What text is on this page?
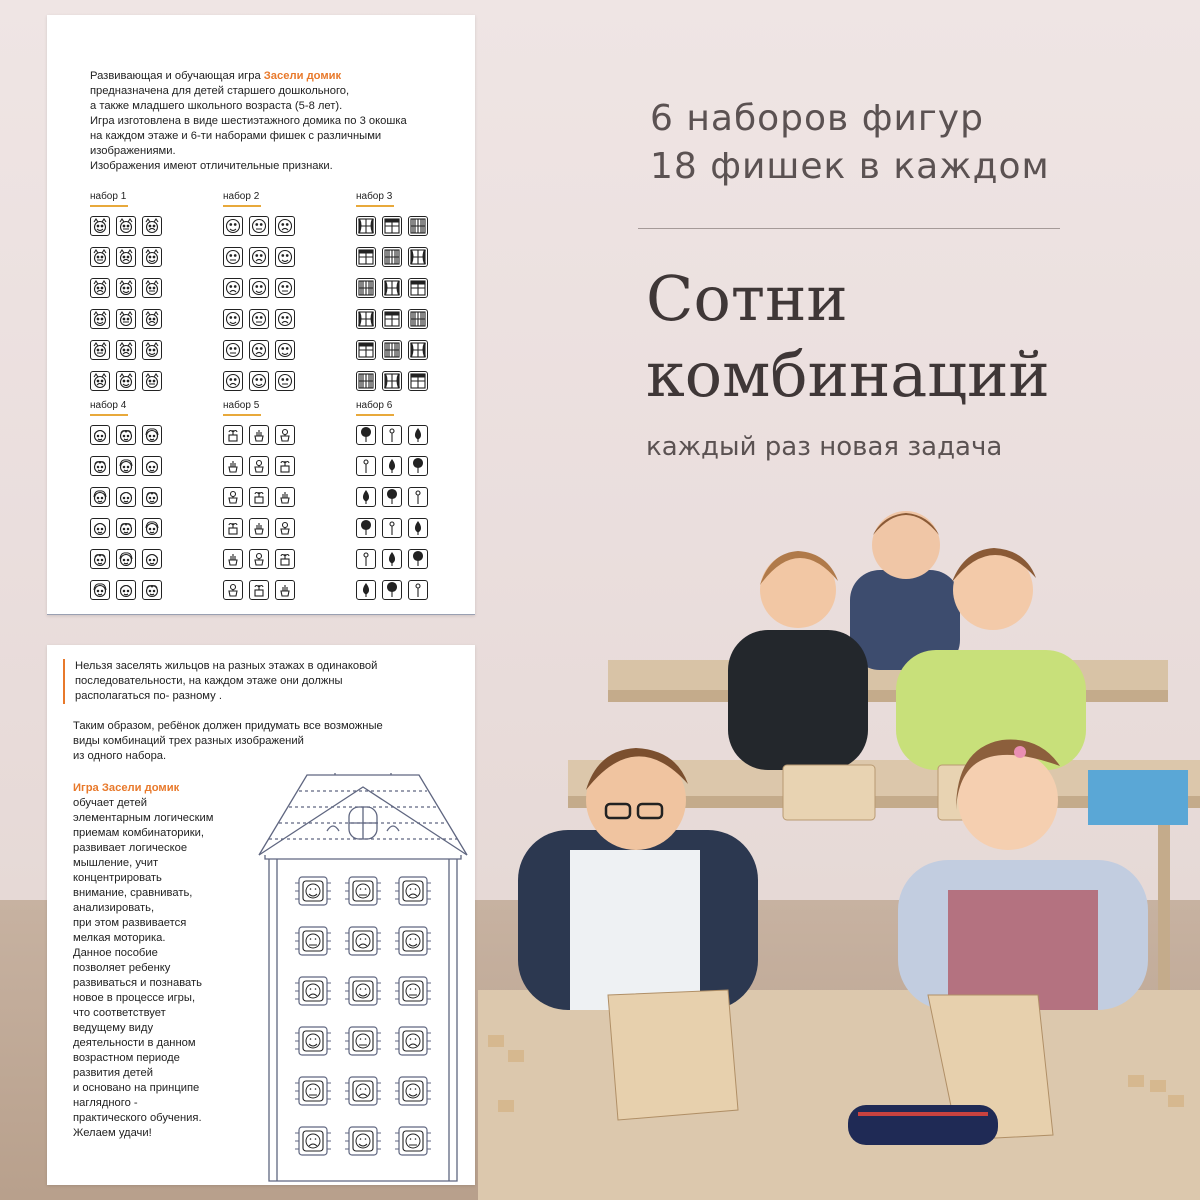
Развивающая и обучающая игра Засели домик

предназначена для детей старшего дошкольного,

а также младшего школьного возраста (5-8 лет).

Игра изготовлена в виде шестиэтажного домика по 3 окошка

на каждом этаже и 6-ти наборами фишек с различными

изображениями.

Изображения имеют отличительные признаки.

набор 1	набор 2	набор 3

набор 4	набор 5	набор 6

Нельзя заселять жильцов на разных этажах в одинаковой

последовательности, на каждом этаже они должны

располагаться по- разному .

Таким образом, ребёнок должен придумать все возможные

виды комбинаций трех разных изображений

из одного набора.

Игра Засели домик

обучает детей

элементарным логическим

приемам комбинаторики,

развивает логическое

мышление, учит

концентрировать

внимание, сравнивать,

анализировать,

при этом развивается

мелкая моторика.

Данное пособие

позволяет ребенку

развиваться и познавать

новое в процессе игры,

что соответствует

ведущему виду

деятельности в данном

возрастном периоде

развития детей

и основано на принципе

наглядного -

практического обучения.

Желаем удачи!

6 наборов фигур

18 фишек в каждом

Сотни
комбинаций

каждый раз новая задача
